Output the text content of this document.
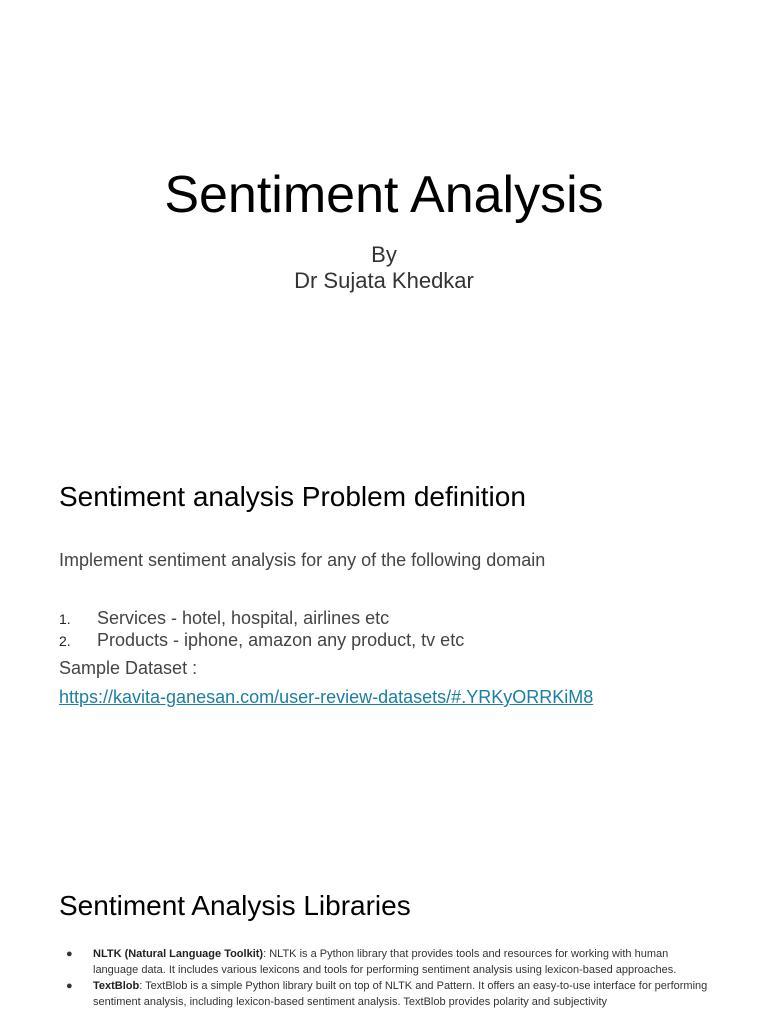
Sentiment Analysis
By
Dr Sujata Khedkar
Sentiment analysis Problem definition
Implement sentiment analysis for any of the following domain
1. Services - hotel, hospital, airlines etc
2. Products - iphone, amazon any product, tv etc
Sample Dataset :
https://kavita-ganesan.com/user-review-datasets/#.YRKyORRKiM8
Sentiment Analysis Libraries
● NLTK (Natural Language Toolkit): NLTK is a Python library that provides tools and resources for working with human language data. It includes various lexicons and tools for performing sentiment analysis using lexicon-based approaches.
● TextBlob: TextBlob is a simple Python library built on top of NLTK and Pattern. It offers an easy-to-use interface for performing sentiment analysis, including lexicon-based sentiment analysis. TextBlob provides polarity and subjectivity
